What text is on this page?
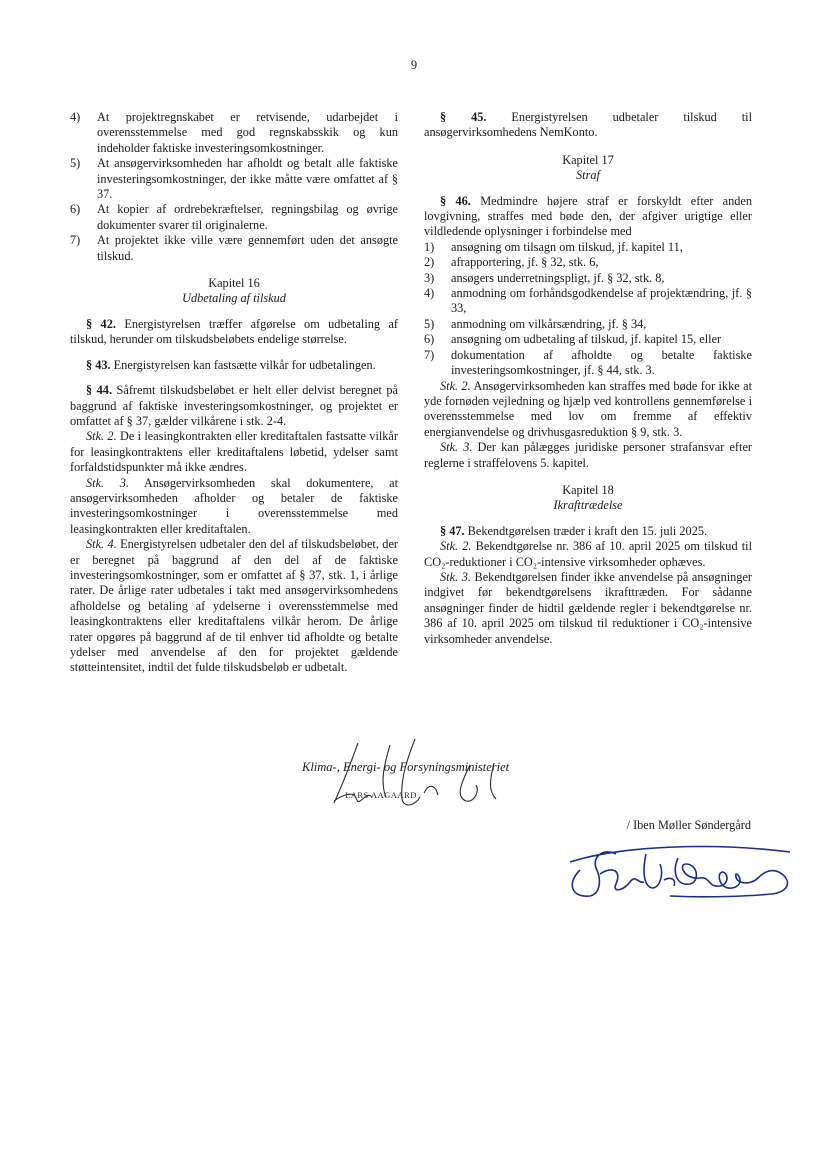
9
4)	At projektregnskabet er retvisende, udarbejdet i overensstemmelse med god regnskabsskik og kun indeholder faktiske investeringsomkostninger.
5)	At ansøgervirksomheden har afholdt og betalt alle faktiske investeringsomkostninger, der ikke måtte være omfattet af § 37.
6)	At kopier af ordrebekræftelser, regningsbilag og øvrige dokumenter svarer til originalerne.
7)	At projektet ikke ville være gennemført uden det ansøgte tilskud.
Kapitel 16
Udbetaling af tilskud

§ 42. Energistyrelsen træffer afgørelse om udbetaling af tilskud, herunder om tilskudsbeløbets endelige størrelse.

§ 43. Energistyrelsen kan fastsætte vilkår for udbetalingen.

§ 44. Såfremt tilskudsbeløbet er helt eller delvist beregnet på baggrund af faktiske investeringsomkostninger, og projektet er omfattet af § 37, gælder vilkårene i stk. 2-4.

Stk. 2. De i leasingkontrakten eller kreditaftalen fastsatte vilkår for leasingkontraktens eller kreditaftalens løbetid, ydelser samt forfaldstidspunkter må ikke ændres.

Stk. 3. Ansøgervirksomheden skal dokumentere, at ansøgervirksomheden afholder og betaler de faktiske investeringsomkostninger i overensstemmelse med leasingkontrakten eller kreditaftalen.

Stk. 4. Energistyrelsen udbetaler den del af tilskudsbeløbet, der er beregnet på baggrund af den del af de faktiske investeringsomkostninger, som er omfattet af § 37, stk. 1, i årlige rater. De årlige rater udbetales i takt med ansøgervirksomhedens afholdelse og betaling af ydelserne i overensstemmelse med leasingkontraktens eller kreditaftalens vilkår herom. De årlige rater opgøres på baggrund af de til enhver tid afholdte og betalte ydelser med anvendelse af den for projektet gældende støtteintensitet, indtil det fulde tilskudsbeløb er udbetalt.

§ 45. Energistyrelsen udbetaler tilskud til ansøgervirksomhedens NemKonto.

Kapitel 17
Straf

§ 46. Medmindre højere straf er forskyldt efter anden lovgivning, straffes med bøde den, der afgiver urigtige eller vildledende oplysninger i forbindelse med

1)	ansøgning om tilsagn om tilskud, jf. kapitel 11,
2)	afrapportering, jf. § 32, stk. 6,
3)	ansøgers underretningspligt, jf. § 32, stk. 8,
4)	anmodning om forhåndsgodkendelse af projektændring, jf. § 33,
5)	anmodning om vilkårsændring, jf. § 34,
6)	ansøgning om udbetaling af tilskud, jf. kapitel 15, eller
7)	dokumentation af afholdte og betalte faktiske investeringsomkostninger, jf. § 44, stk. 3.

Stk. 2. Ansøgervirksomheden kan straffes med bøde for ikke at yde fornøden vejledning og hjælp ved kontrollens gennemførelse i overensstemmelse med lov om fremme af effektiv energianvendelse og drivhusgasreduktion § 9, stk. 3.

Stk. 3. Der kan pålægges juridiske personer strafansvar efter reglerne i straffelovens 5. kapitel.

Kapitel 18
Ikrafttrædelse

§ 47. Bekendtgørelsen træder i kraft den 15. juli 2025.

Stk. 2. Bekendtgørelse nr. 386 af 10. april 2025 om tilskud til CO₂-reduktioner i CO₂-intensive virksomheder ophæves.

Stk. 3. Bekendtgørelsen finder ikke anvendelse på ansøgninger indgivet før bekendtgørelsens ikrafttræden. For sådanne ansøgninger finder de hidtil gældende regler i bekendtgørelse nr. 386 af 10. april 2025 om tilskud til reduktioner i CO₂-intensive virksomheder anvendelse.

Klima-, Energi- og Forsyningsministeriet
LARS AAGAARD
/ Iben Møller Søndergård
